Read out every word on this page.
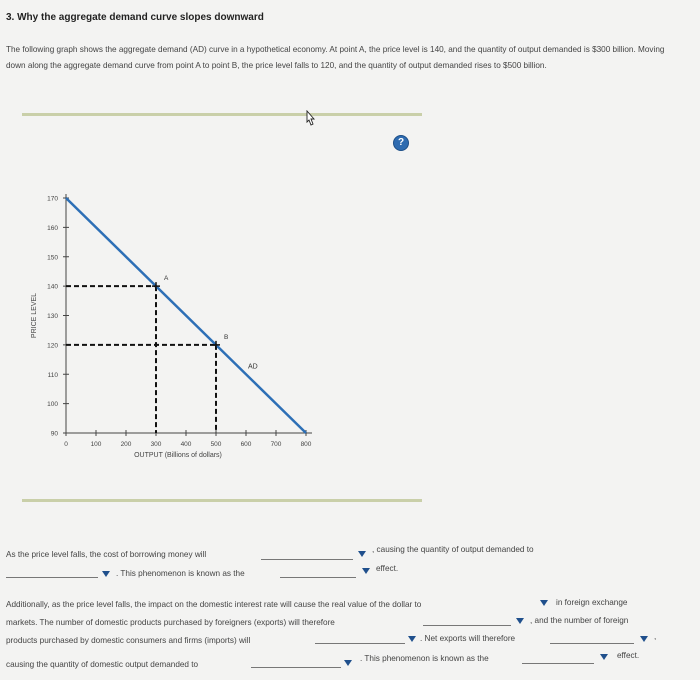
3. Why the aggregate demand curve slopes downward
The following graph shows the aggregate demand (AD) curve in a hypothetical economy. At point A, the price level is 140, and the quantity of output demanded is $300 billion. Moving down along the aggregate demand curve from point A to point B, the price level falls to 120, and the quantity of output demanded rises to $500 billion.
?
90
100
110
120
130
140
150
160
170
0	100	200	300	400	500	600	700	800
OUTPUT (Billions of dollars)
PRICE LEVEL
AD
A
B
As the price level falls, the cost of borrowing money will
, causing the quantity of output demanded to
. This phenomenon is known as the
effect.
Additionally, as the price level falls, the impact on the domestic interest rate will cause the real value of the dollar to	in foreign exchange
markets. The number of domestic products purchased by foreigners (exports) will therefore	, and the number of foreign
products purchased by domestic consumers and firms (imports) will	. Net exports will therefore	,
causing the quantity of domestic output demanded to
. This phenomenon is known as the	effect.
